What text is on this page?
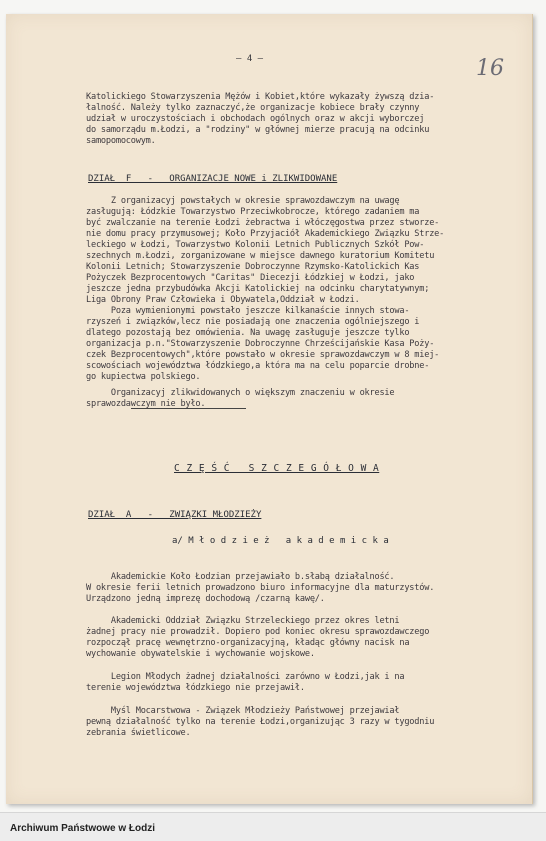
— 4 —	16
Katolickiego Stowarzyszenia Mężów i Kobiet,które wykazały żywszą dzia-
łalność. Należy tylko zaznaczyć,że organizacje kobiece brały czynny
udział w uroczystościach i obchodach ogólnych oraz w akcji wyborczej
do samorządu m.Łodzi, a "rodziny" w głównej mierze pracują na odcinku
samopomocowym.
DZIAŁ  F   -   ORGANIZACJE NOWE i ZLIKWIDOWANE
Z organizacyj powstałych w okresie sprawozdawczym na uwagę
zasługują: Łódzkie Towarzystwo Przeciwkobrocze, którego zadaniem ma
być zwalczanie na terenie Łodzi żebractwa i włóczęgostwa przez stworze-
nie domu pracy przymusowej; Koło Przyjaciół Akademickiego Związku Strze-
leckiego w Łodzi, Towarzystwo Kolonii Letnich Publicznych Szkół Pow-
szechnych m.Łodzi, zorganizowane w miejsce dawnego kuratorium Komitetu
Kolonii Letnich; Stowarzyszenie Dobroczynne Rzymsko-Katolickich Kas
Pożyczek Bezprocentowych "Caritas" Diecezji Łódzkiej w Łodzi, jako
jeszcze jedna przybudówka Akcji Katolickiej na odcinku charytatywnym;
Liga Obrony Praw Człowieka i Obywatela,Oddział w Łodzi.
Poza wymienionymi powstało jeszcze kilkanaście innych stowa-
rzyszeń i związków,lecz nie posiadają one znaczenia ogólniejszego i
dlatego pozostają bez omówienia. Na uwagę zasługuje jeszcze tylko
organizacja p.n."Stowarzyszenie Dobroczynne Chrześcijańskie Kasa Poży-
czek Bezprocentowych",które powstało w okresie sprawozdawczym w 8 miej-
scowościach województwa łódzkiego,a która ma na celu poparcie drobne-
go kupiectwa polskiego.
Organizacyj zlikwidowanych o większym znaczeniu w okresie
sprawozdawczym nie było.
C Z Ę Ś Ć   S Z C Z E G Ó Ł O W A
DZIAŁ  A   -   ZWIĄZKI MŁODZIEŻY
a/ M ł o d z i e ż   a k a d e m i c k a
Akademickie Koło Łodzian przejawiało b.słabą działalność.
W okresie ferii letnich prowadzono biuro informacyjne dla maturzystów.
Urządzono jedną imprezę dochodową /czarną kawę/.
Akademicki Oddział Związku Strzeleckiego przez okres letni
żadnej pracy nie prowadził. Dopiero pod koniec okresu sprawozdawczego
rozpoczął pracę wewnętrzno-organizacyjną, kładąc główny nacisk na
wychowanie obywatelskie i wychowanie wojskowe.
Legion Młodych żadnej działalności zarówno w Łodzi,jak i na
terenie województwa łódzkiego nie przejawił.
Myśl Mocarstwowa - Związek Młodzieży Państwowej przejawiał
pewną działalność tylko na terenie Łodzi,organizując 3 razy w tygodniu
zebrania świetlicowe.
Archiwum Państwowe w Łodzi
